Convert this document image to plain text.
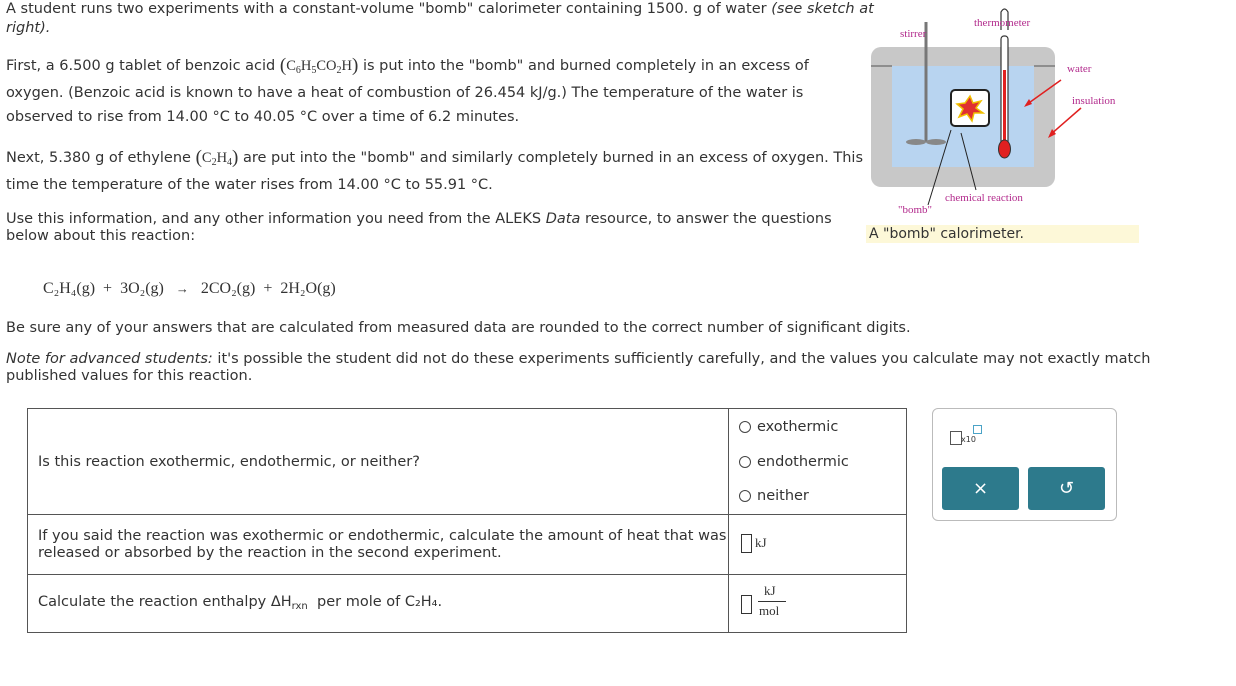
A student runs two experiments with a constant-volume "bomb" calorimeter containing 1500. g of water (see sketch at
right).
First, a 6.500 g tablet of benzoic acid $(C_6H_5CO_2H)$ is put into the "bomb" and burned completely in an excess of
oxygen. (Benzoic acid is known to have a heat of combustion of 26.454 kJ/g.) The temperature of the water is
observed to rise from 14.00 °C to 40.05 °C over a time of 6.2 minutes.
Next, 5.380 g of ethylene $(C_2H_4)$ are put into the "bomb" and similarly completely burned in an excess of oxygen. This
time the temperature of the water rises from 14.00 °C to 55.91 °C.
Use this information, and any other information you need from the ALEKS Data resource, to answer the questions
below about this reaction:
C₂H₄(g) + 3O₂(g) → 2CO₂(g) + 2H₂O(g)
Be sure any of your answers that are calculated from measured data are rounded to the correct number of significant digits.
Note for advanced students: it's possible the student did not do these experiments sufficiently carefully, and the values you calculate may not exactly match
published values for this reaction.
stirrer
thermometer
water
insulation
chemical reaction
"bomb"
A "bomb" calorimeter.
Is this reaction exothermic, endothermic, or neither?
exothermic
endothermic
neither
If you said the reaction was exothermic or endothermic, calculate the amount of heat that was
released or absorbed by the reaction in the second experiment.
kJ
Calculate the reaction enthalpy $\Delta H_{rxn}$ per mole of C₂H₄.
kJ
mol
x10
×	↺
